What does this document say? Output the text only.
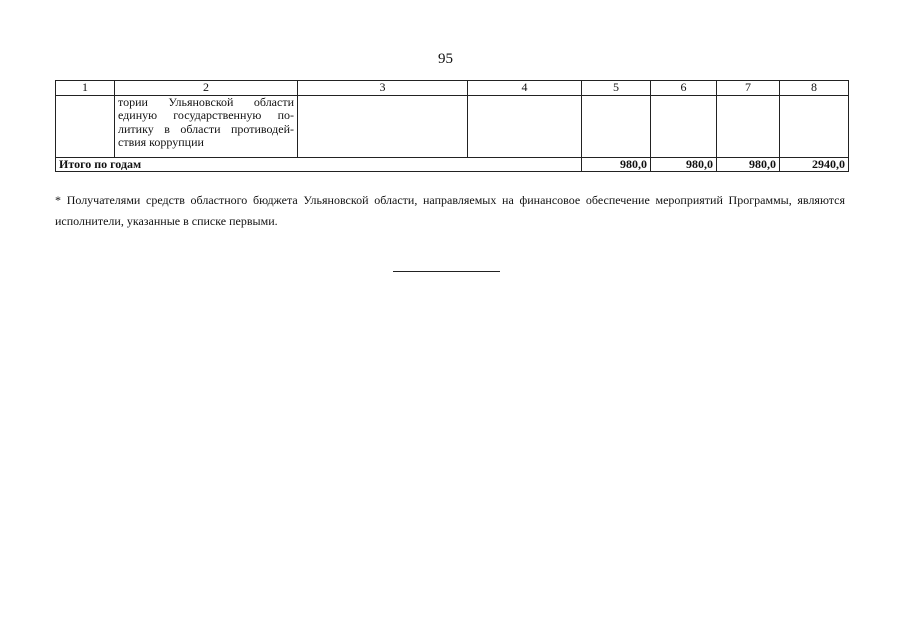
95
1	2	3	4	5	6	7	8

	тории Ульяновской области
единую государственную по-
литику в области противодей-
ствия коррупции						

Итого по годам				980,0	980,0	980,0	2940,0
* Получателями средств областного бюджета Ульяновской области, направляемых на финансовое обеспечение мероприятий Программы, являются исполнители, указанные в списке первыми.
